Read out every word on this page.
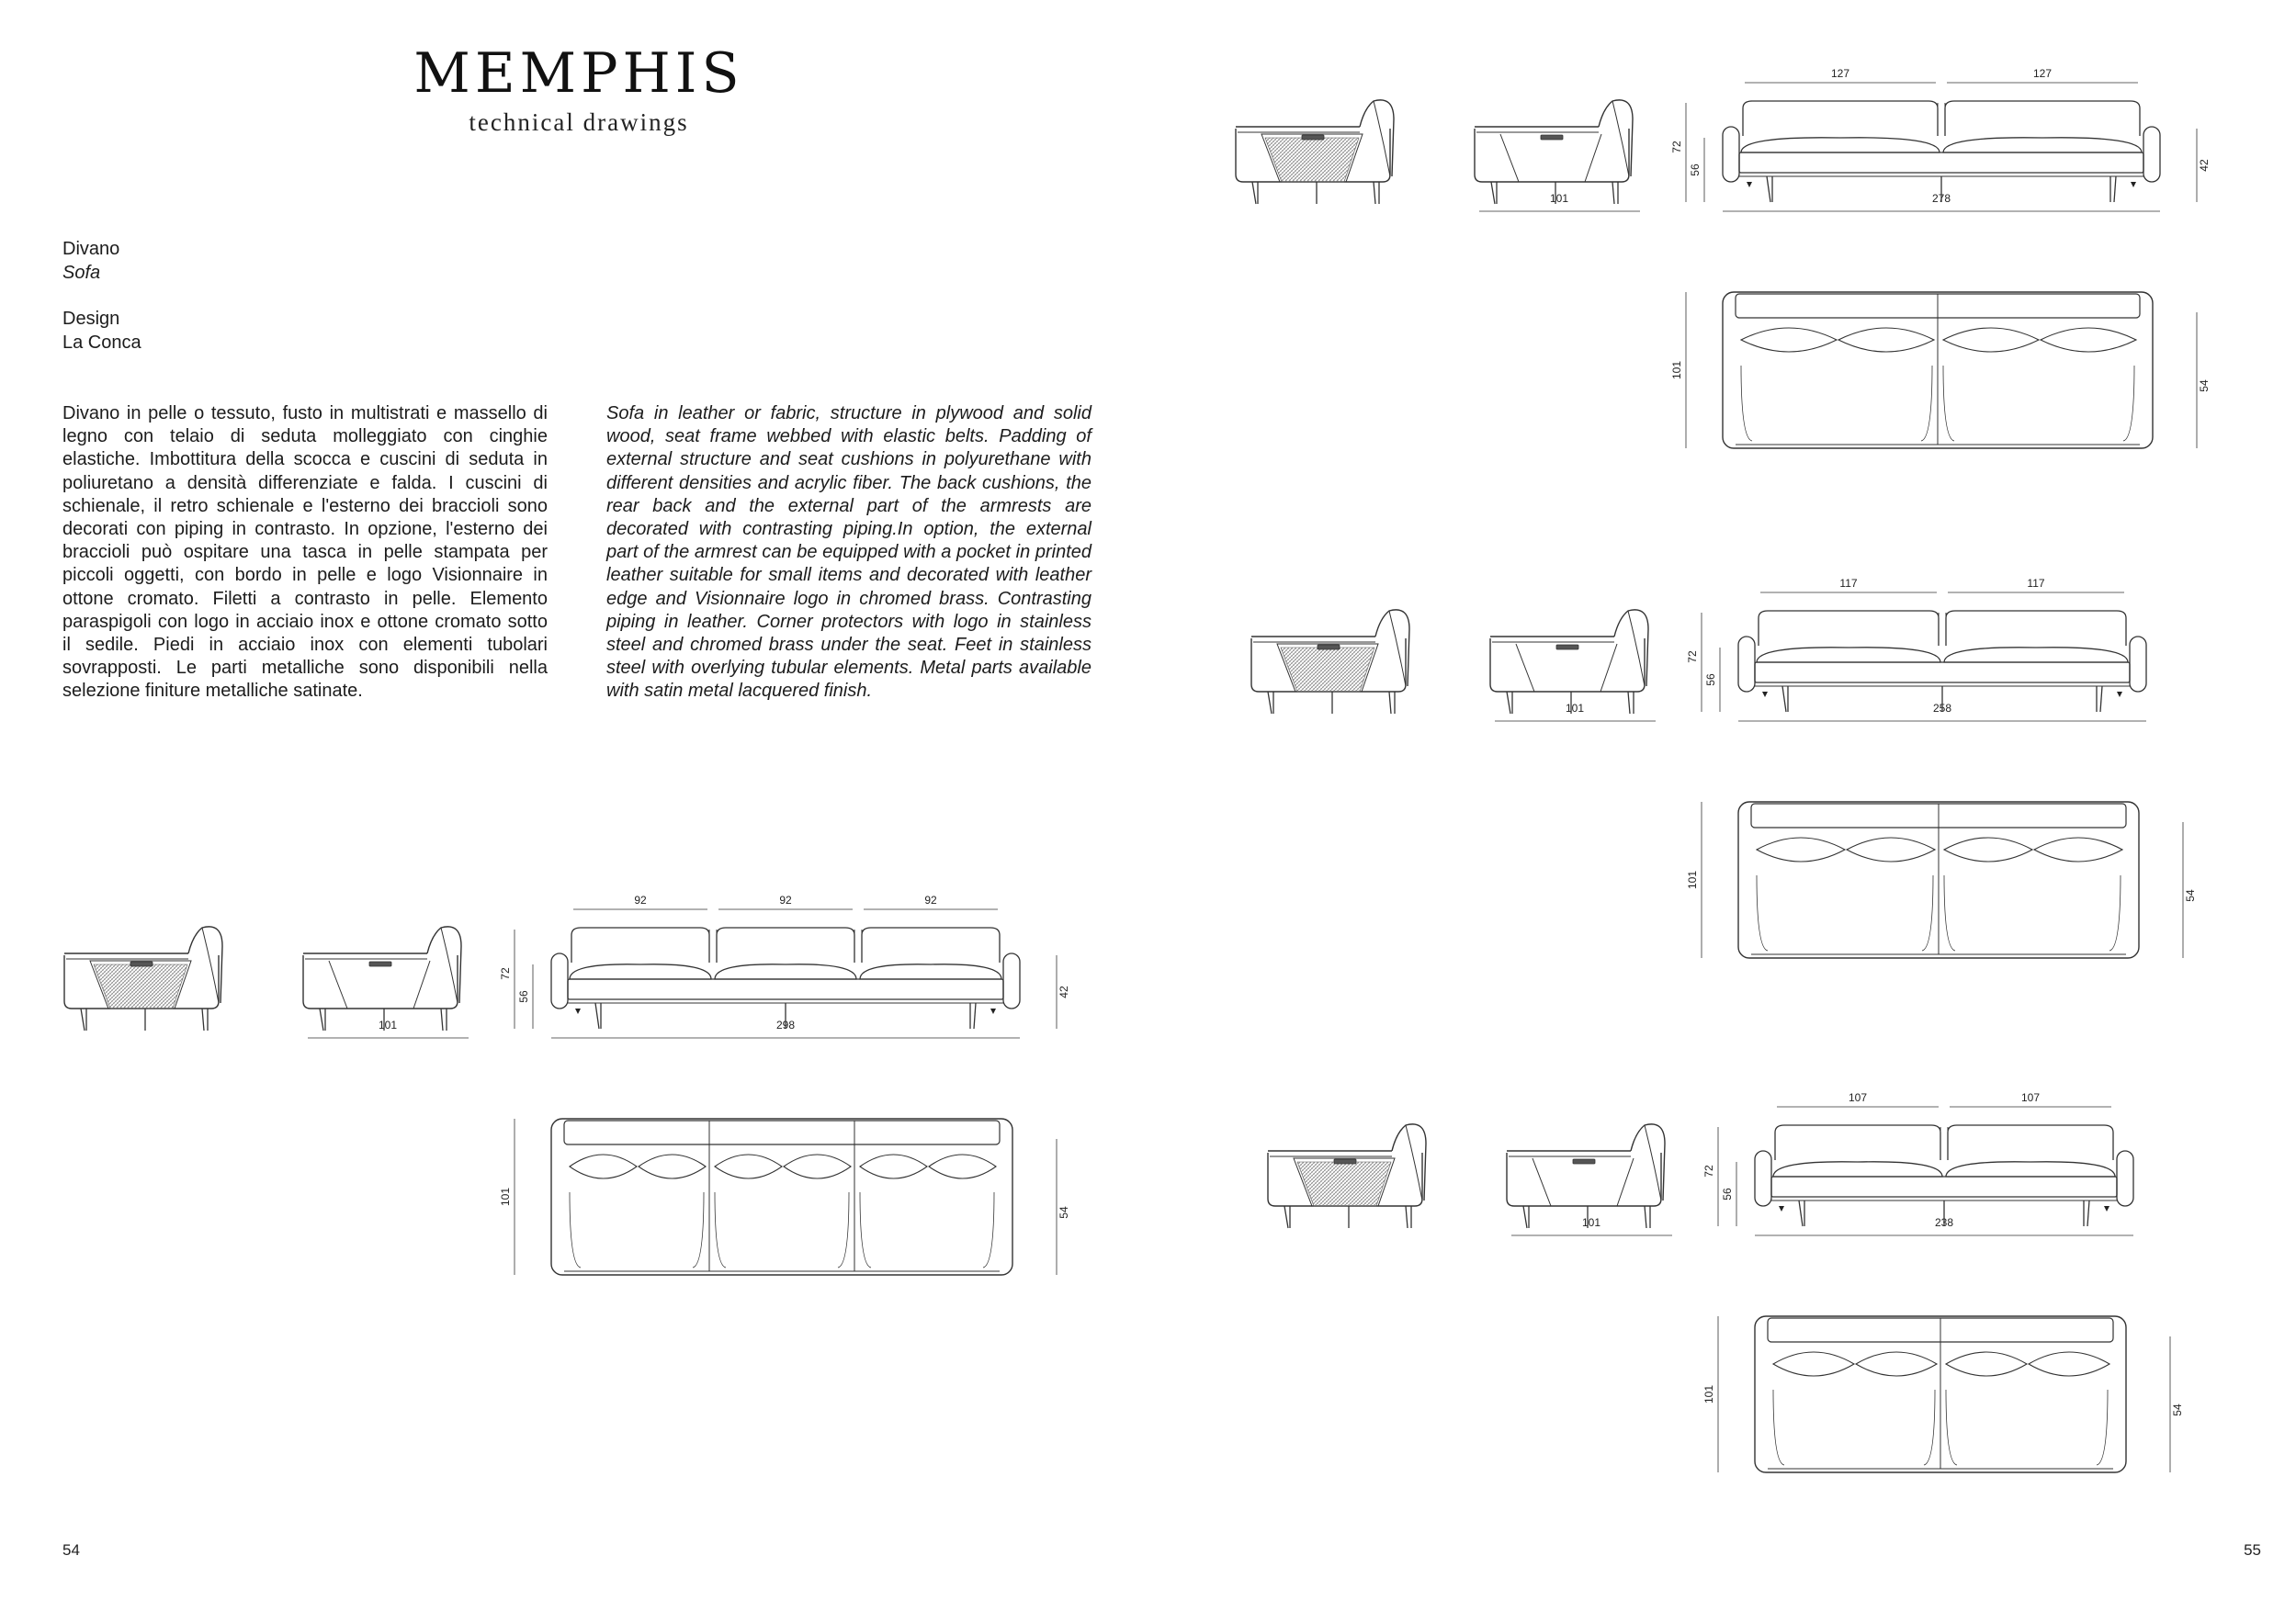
MEMPHIS
technical drawings
Divano
Sofa
Design
La Conca

Divano in pelle o tessuto, fusto in multistrati e massello di legno con telaio di seduta molleggiato con cinghie elastiche. Imbottitura della scocca e cuscini di seduta in poliuretano a densità differenziate e falda. I cuscini di schienale, il retro schienale e l'esterno dei braccioli sono decorati con piping in contrasto. In opzione, l'esterno dei braccioli può ospitare una tasca in pelle stampata per piccoli oggetti, con bordo in pelle e logo Visionnaire in ottone cromato. Filetti a contrasto in pelle. Elemento paraspigoli con logo in acciaio inox e ottone cromato sotto il sedile. Piedi in acciaio inox con elementi tubolari sovrapposti. Le parti metalliche sono disponibili nella selezione finiture metalliche satinate.

Sofa in leather or fabric, structure in plywood and solid wood, seat frame webbed with elastic belts. Padding of external structure and seat cushions in polyurethane with different densities and acrylic fiber. The back cushions, the rear back and the external part of the armrests are decorated with contrasting piping.In option, the external part of the armrest can be equipped with a pocket in printed leather suitable for small items and decorated with leather edge and Visionnaire logo in chromed brass. Contrasting piping in leather. Corner protectors with logo in stainless steel and chromed brass under the seat. Feet in stainless steel with overlying tubular elements. Metal parts available with satin metal lacquered finish.

54	55
92	92	92
101	298
72
56	42
101
54
127	127
101	278
72
56	42
101
54
117	117
101	258
72
56
101
54
107	107
101	238
72
56
101
54
